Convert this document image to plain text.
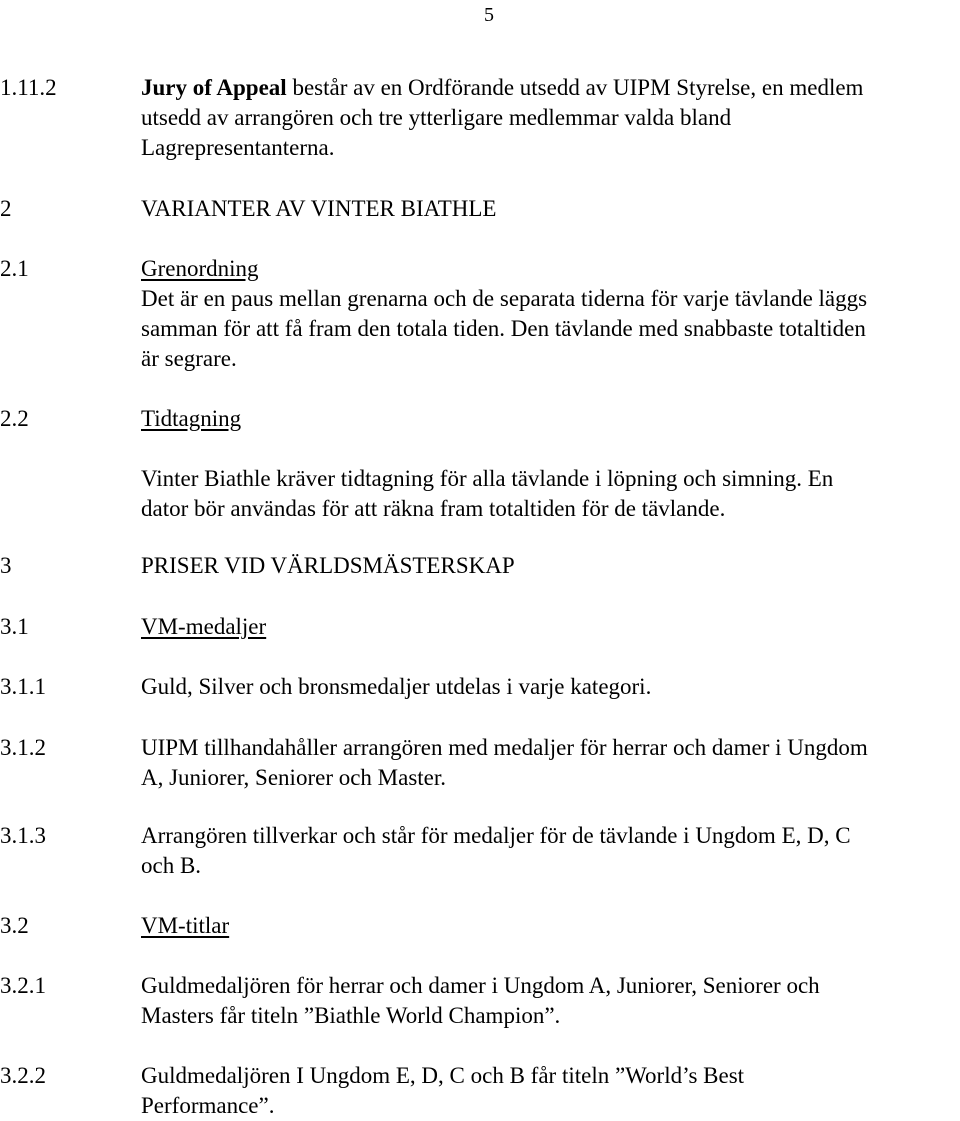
5
1.11.2	Jury of Appeal består av en Ordförande utsedd av UIPM Styrelse, en medlem
utsedd av arrangören och tre ytterligare medlemmar valda bland
Lagrepresentanterna.
2	VARIANTER AV VINTER BIATHLE
2.1	Grenordning
Det är en paus mellan grenarna och de separata tiderna för varje tävlande läggs
samman för att få fram den totala tiden. Den tävlande med snabbaste totaltiden
är segrare.
2.2	Tidtagning
Vinter Biathle kräver tidtagning för alla tävlande i löpning och simning. En
dator bör användas för att räkna fram totaltiden för de tävlande.
3	PRISER VID VÄRLDSMÄSTERSKAP
3.1	VM-medaljer
3.1.1	Guld, Silver och bronsmedaljer utdelas i varje kategori.
3.1.2	UIPM tillhandahåller arrangören med medaljer för herrar och damer i Ungdom
A, Juniorer, Seniorer och Master.
3.1.3	Arrangören tillverkar och står för medaljer för de tävlande i Ungdom E, D, C
och B.
3.2	VM-titlar
3.2.1	Guldmedaljören för herrar och damer i Ungdom A, Juniorer, Seniorer och
Masters får titeln ”Biathle World Champion”.
3.2.2	Guldmedaljören I Ungdom E, D, C och B får titeln ”World’s Best
Performance”.
